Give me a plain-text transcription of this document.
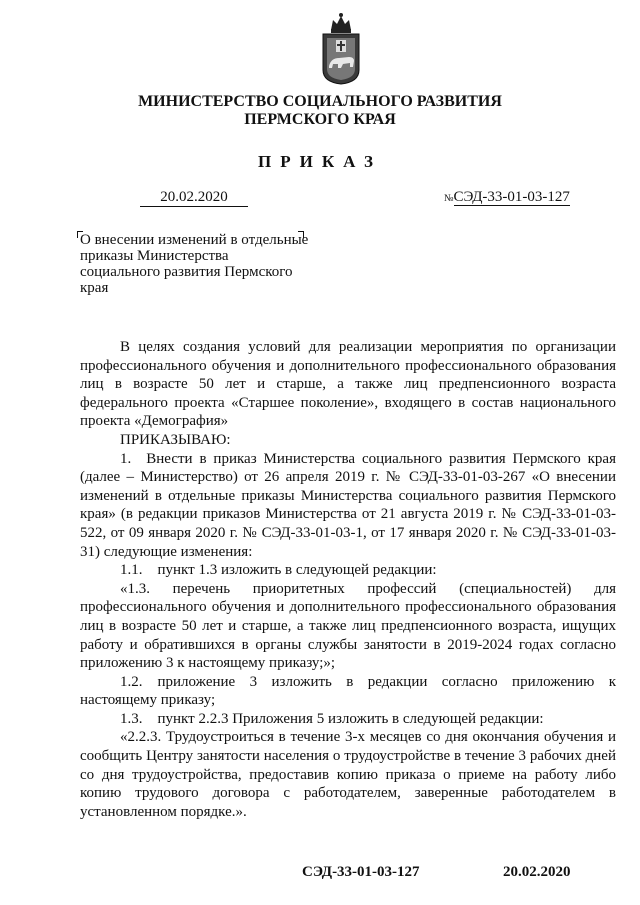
МИНИСТЕРСТВО СОЦИАЛЬНОГО РАЗВИТИЯ
ПЕРМСКОГО КРАЯ
ПРИКАЗ
20.02.2020	№СЭД-33-01-03-127
О внесении изменений в отдельные приказы Министерства социального развития Пермского края

В целях создания условий для реализации мероприятия по организации профессионального обучения и дополнительного профессионального образования лиц в возрасте 50 лет и старше, а также лиц предпенсионного возраста федерального проекта «Старшее поколение», входящего в состав национального проекта «Демография»

ПРИКАЗЫВАЮ:

1. Внести в приказ Министерства социального развития Пермского края (далее – Министерство) от 26 апреля 2019 г. № СЭД-33-01-03-267 «О внесении изменений в отдельные приказы Министерства социального развития Пермского края» (в редакции приказов Министерства от 21 августа 2019 г. № СЭД-33-01-03-522, от 09 января 2020 г. № СЭД-33-01-03-1, от 17 января 2020 г. № СЭД-33-01-03-31) следующие изменения:

1.1. пункт 1.3 изложить в следующей редакции:

«1.3. перечень приоритетных профессий (специальностей) для профессионального обучения и дополнительного профессионального образования лиц в возрасте 50 лет и старше, а также лиц предпенсионного возраста, ищущих работу и обратившихся в органы службы занятости в 2019-2024 годах согласно приложению 3 к настоящему приказу;»;

1.2. приложение 3 изложить в редакции согласно приложению к настоящему приказу;

1.3. пункт 2.2.3 Приложения 5 изложить в следующей редакции:

«2.2.3. Трудоустроиться в течение 3-х месяцев со дня окончания обучения и сообщить Центру занятости населения о трудоустройстве в течение 3 рабочих дней со дня трудоустройства, предоставив копию приказа о приеме на работу либо копию трудового договора с работодателем, заверенные работодателем в установленном порядке.».

СЭД-33-01-03-127	20.02.2020
